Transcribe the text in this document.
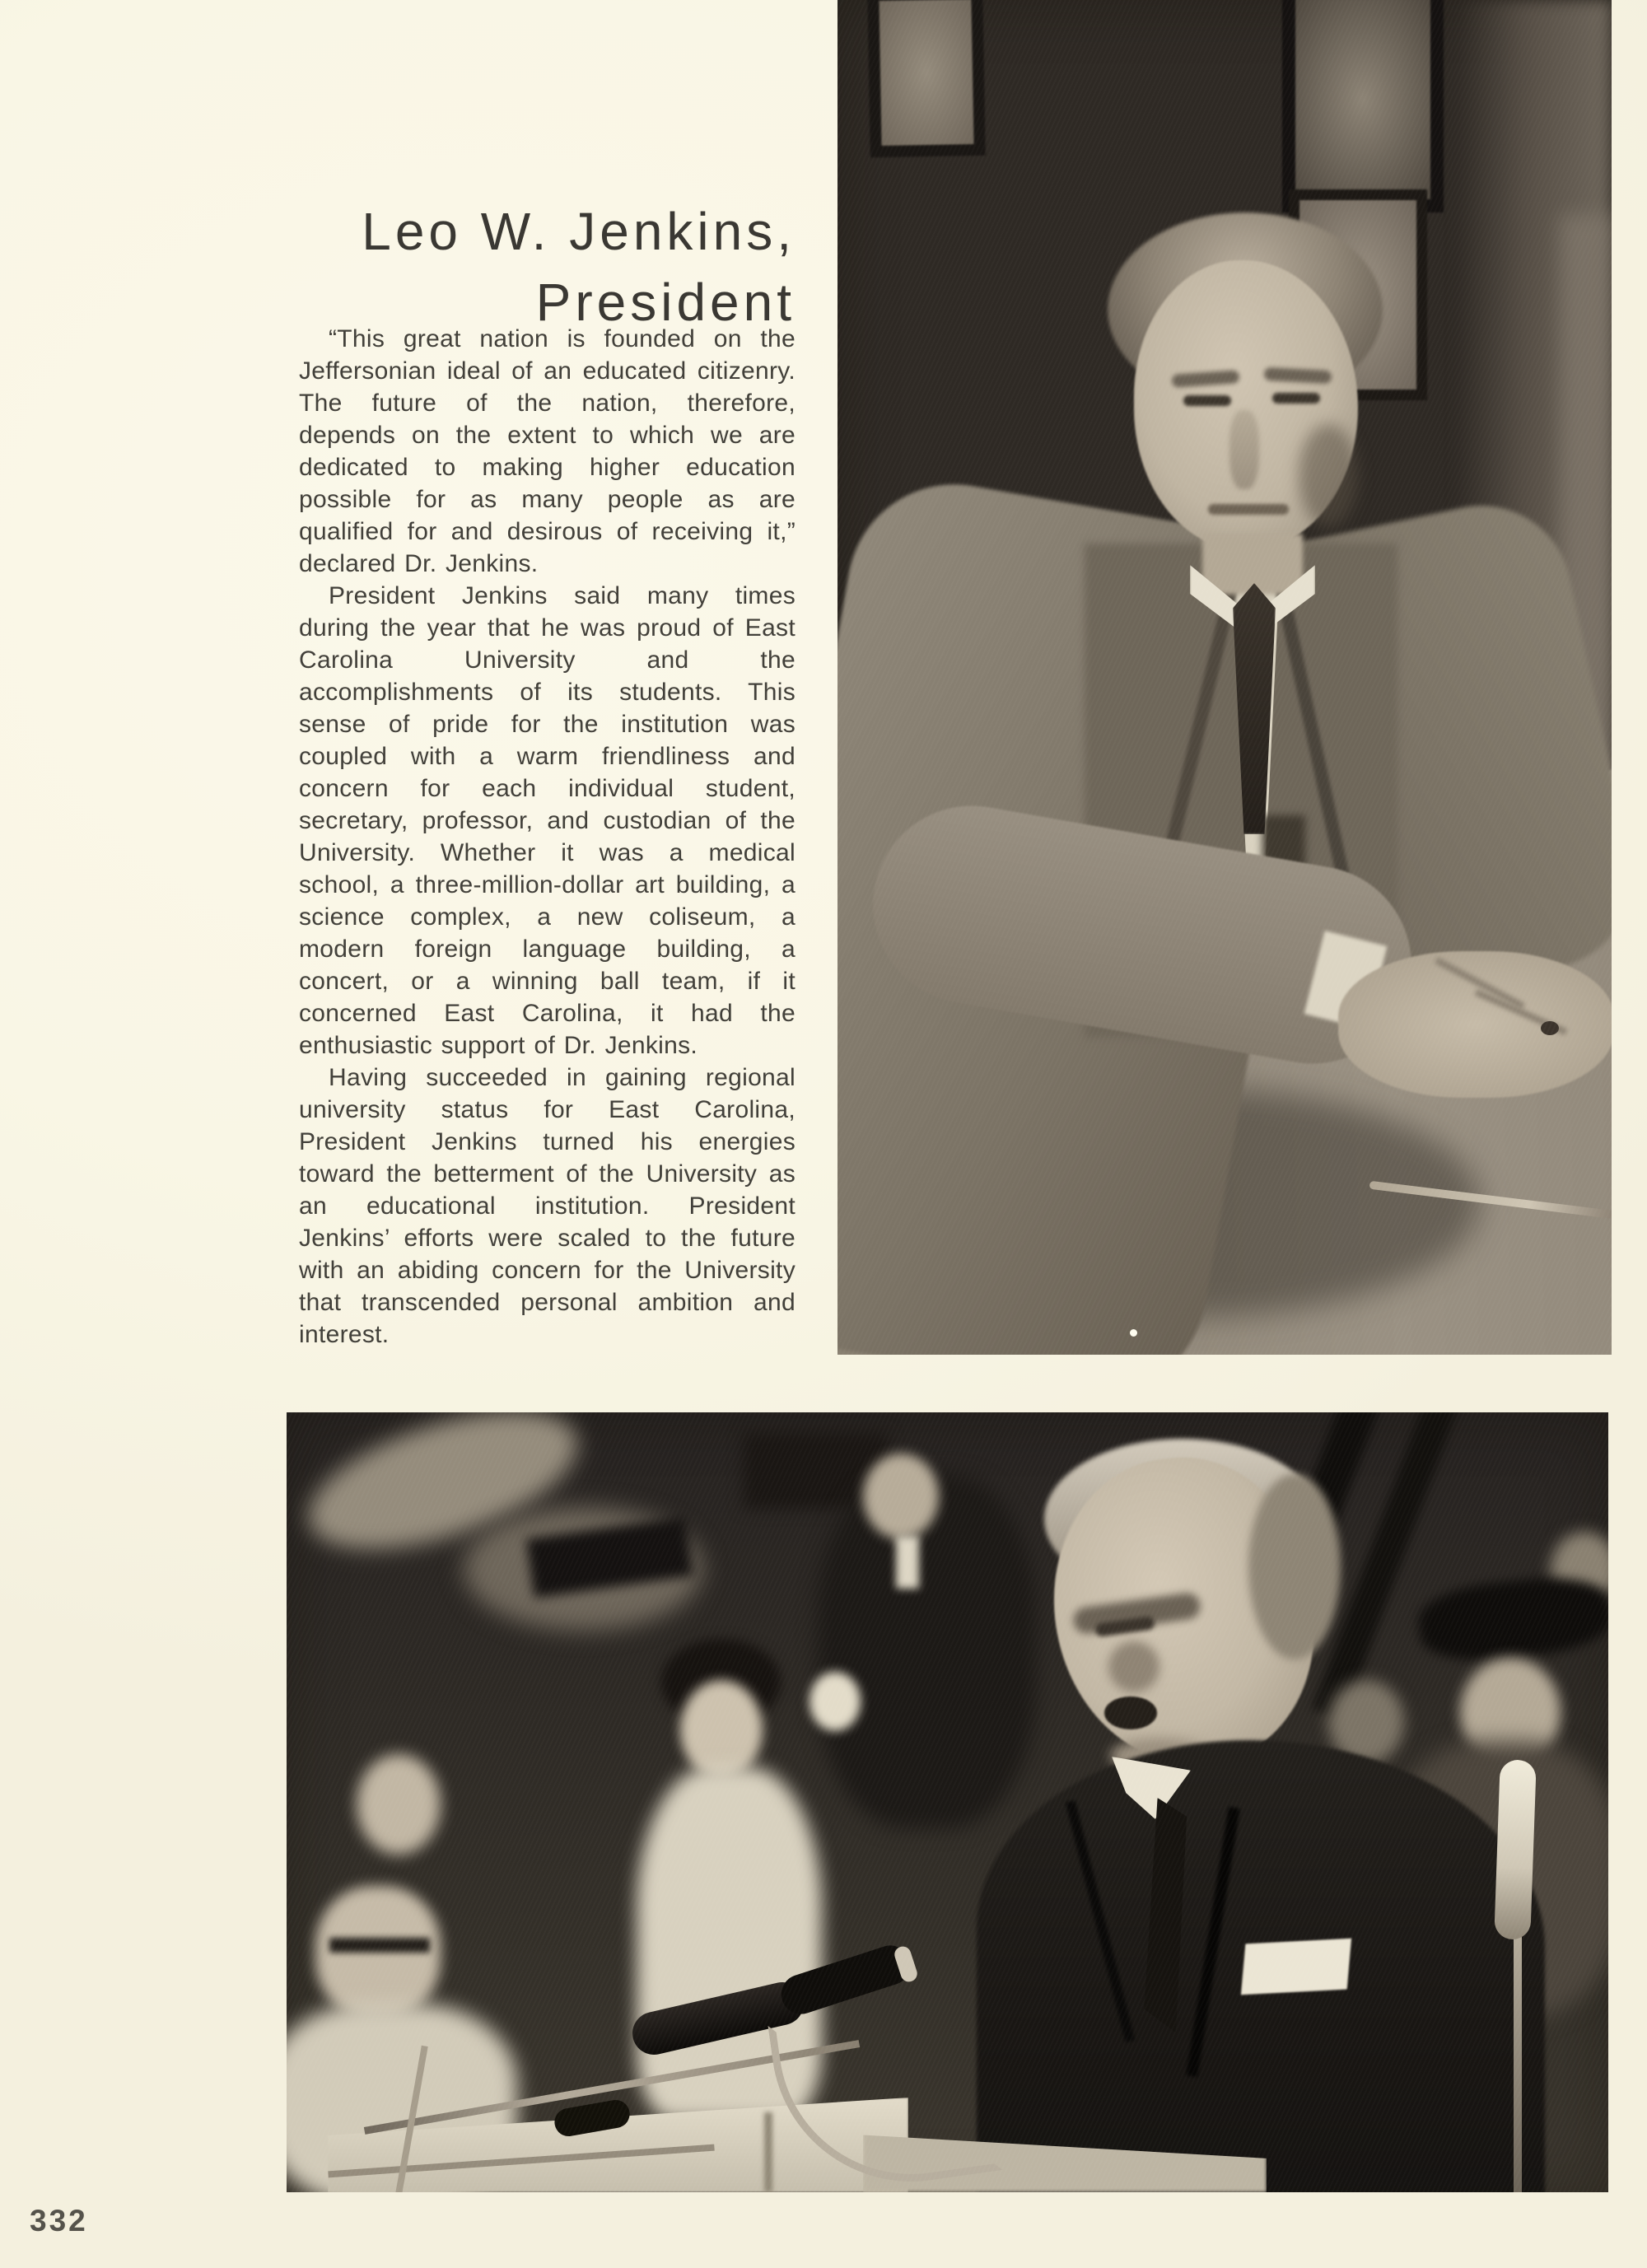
Leo W. Jenkins,
President

“This great nation is founded on the Jeffersonian ideal of an educated citizenry. The future of the nation, therefore, depends on the extent to which we are dedicated to making higher education possible for as many people as are qualified for and desirous of receiving it,” declared Dr. Jenkins.

President Jenkins said many times during the year that he was proud of East Carolina University and the accomplishments of its students. This sense of pride for the institution was coupled with a warm friendliness and concern for each individual student, secretary, professor, and custodian of the University. Whether it was a medical school, a three-million-dollar art building, a science complex, a new coliseum, a modern foreign language building, a concert, or a winning ball team, if it concerned East Carolina, it had the enthusiastic support of Dr. Jenkins.

Having succeeded in gaining regional university status for East Carolina, President Jenkins turned his energies toward the betterment of the University as an educational institution. President Jenkins’ efforts were scaled to the future with an abiding concern for the University that transcended personal ambition and interest.

332
